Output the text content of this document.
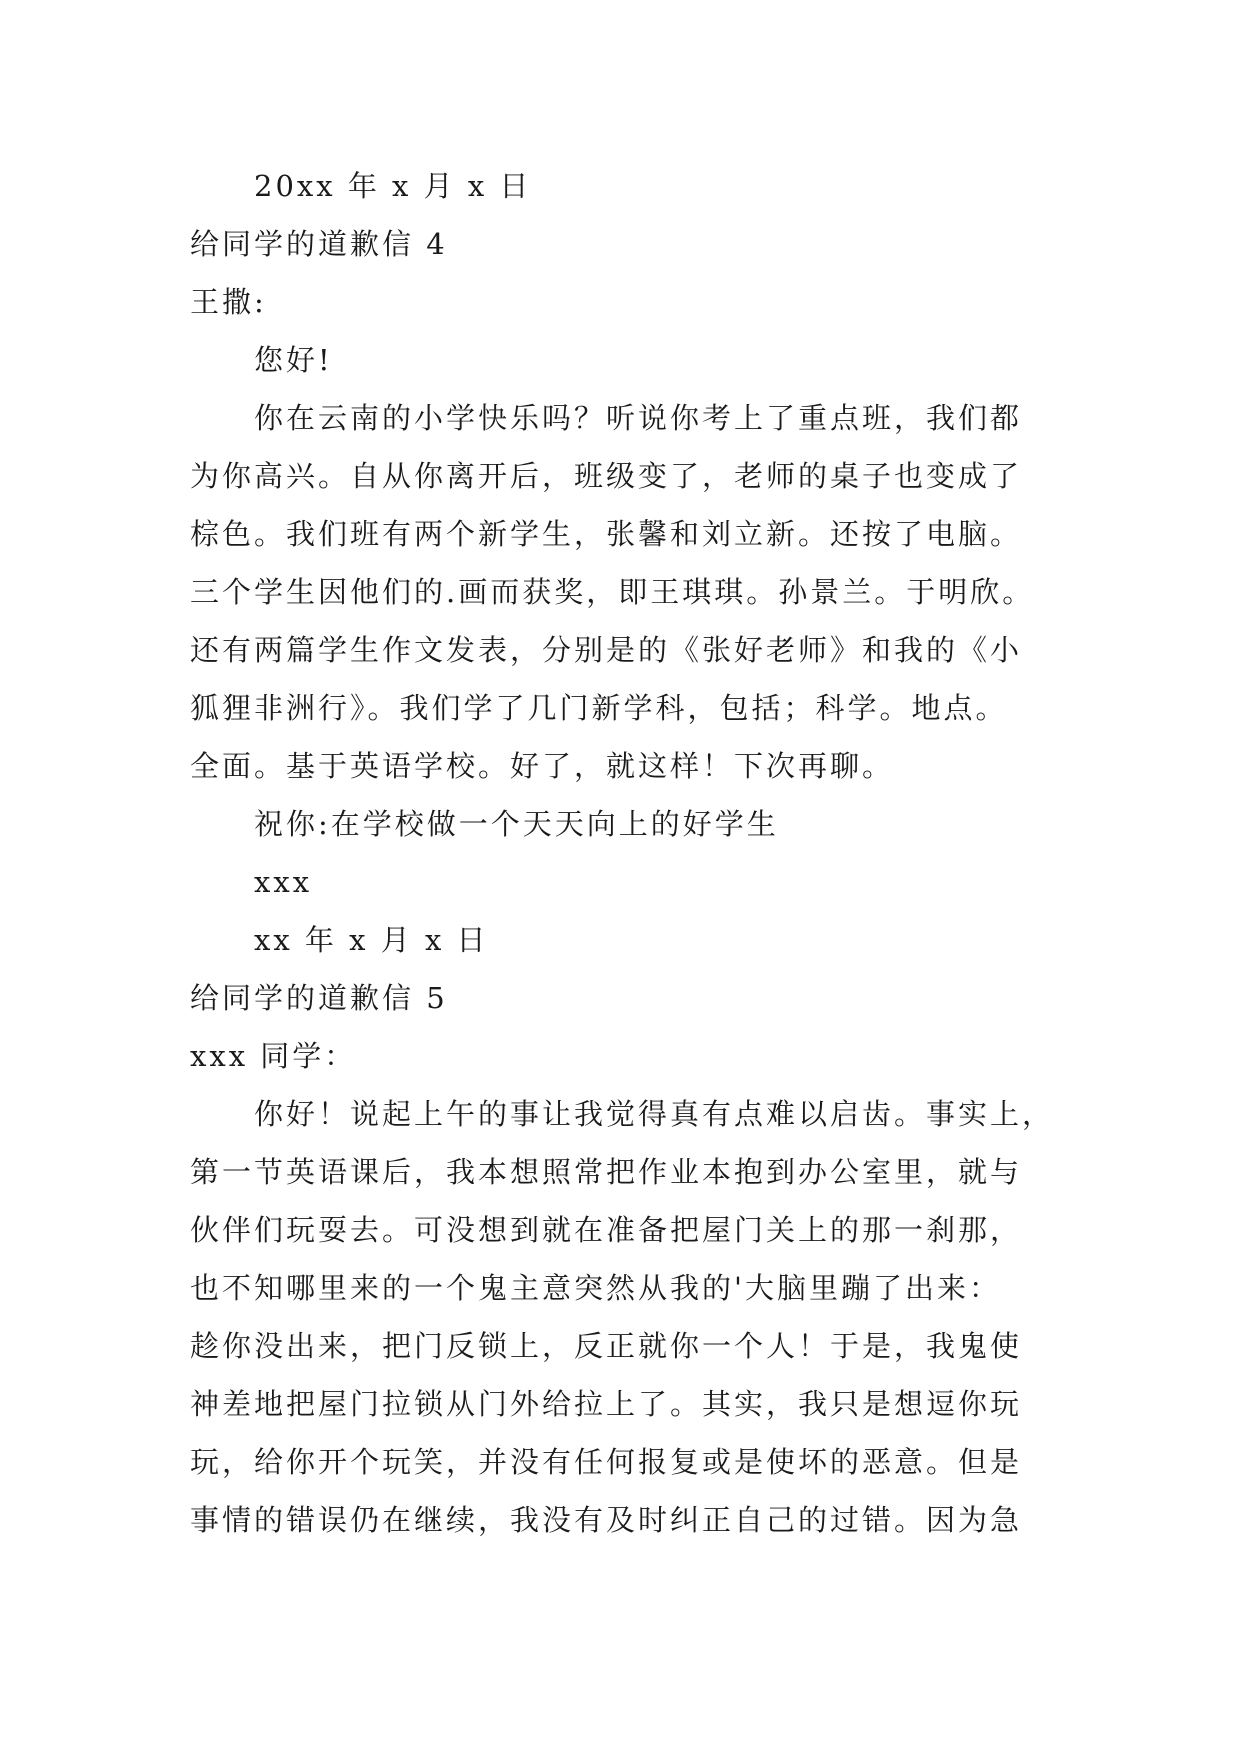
20xx 年 x 月 x 日
给同学的道歉信 4
王撒:
您好!
你在云南的小学快乐吗？听说你考上了重点班，我们都
为你高兴。自从你离开后，班级变了，老师的桌子也变成了
棕色。我们班有两个新学生，张馨和刘立新。还按了电脑。
三个学生因他们的.画而获奖，即王琪琪。孙景兰。于明欣。
还有两篇学生作文发表，分别是的《张好老师》和我的《小
狐狸非洲行》。我们学了几门新学科，包括；科学。地点。
全面。基于英语学校。好了，就这样！下次再聊。
祝你:在学校做一个天天向上的好学生
xxx
xx 年 x 月 x 日
给同学的道歉信 5
xxx 同学：
你好！说起上午的事让我觉得真有点难以启齿。事实上，
第一节英语课后，我本想照常把作业本抱到办公室里，就与
伙伴们玩耍去。可没想到就在准备把屋门关上的那一刹那，
也不知哪里来的一个鬼主意突然从我的'大脑里蹦了出来：
趁你没出来，把门反锁上，反正就你一个人！于是，我鬼使
神差地把屋门拉锁从门外给拉上了。其实，我只是想逗你玩
玩，给你开个玩笑，并没有任何报复或是使坏的恶意。但是
事情的错误仍在继续，我没有及时纠正自己的过错。因为急
